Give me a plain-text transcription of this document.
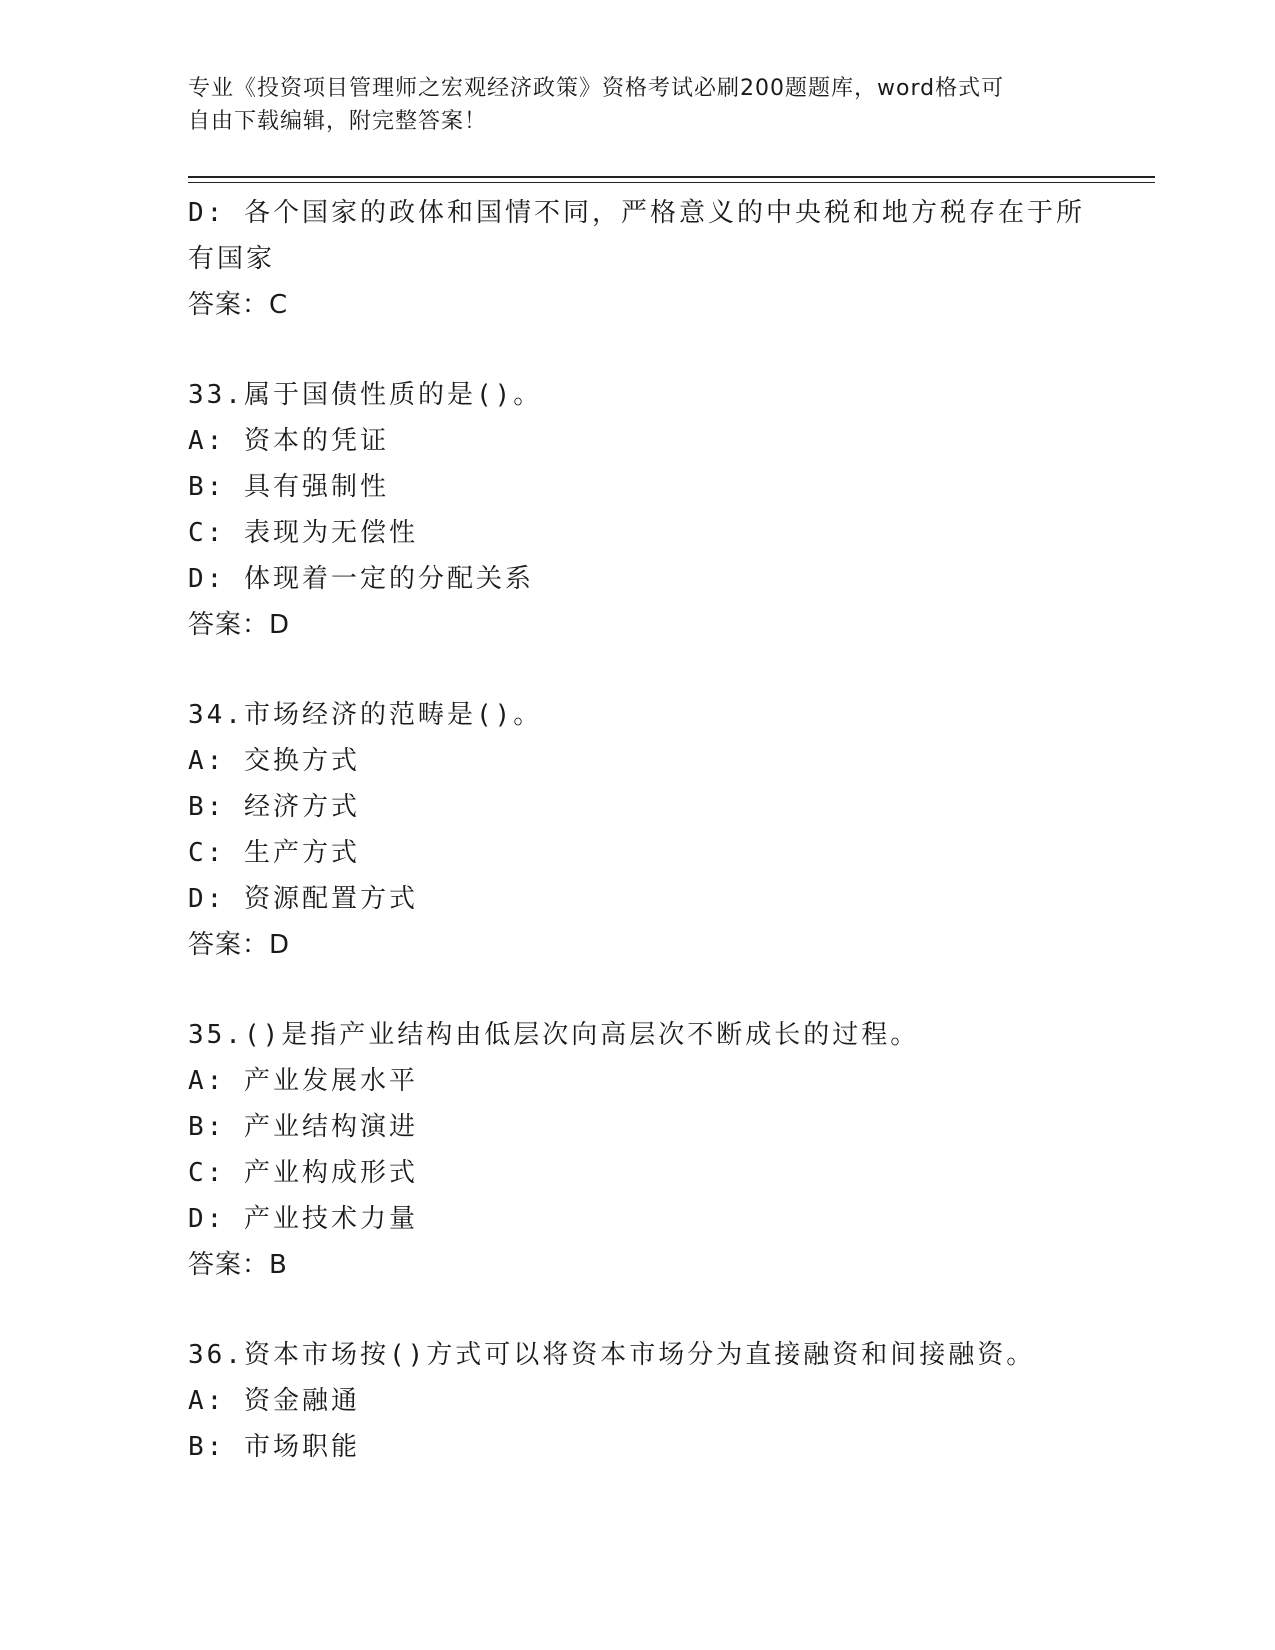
专业《投资项目管理师之宏观经济政策》资格考试必刷200题题库，word格式可
自由下载编辑，附完整答案！
D: 各个国家的政体和国情不同，严格意义的中央税和地方税存在于所
有国家
答案：C
33.属于国债性质的是()。
A: 资本的凭证
B: 具有强制性
C: 表现为无偿性
D: 体现着一定的分配关系
答案：D
34.市场经济的范畴是()。
A: 交换方式
B: 经济方式
C: 生产方式
D: 资源配置方式
答案：D
35.()是指产业结构由低层次向高层次不断成长的过程。
A: 产业发展水平
B: 产业结构演进
C: 产业构成形式
D: 产业技术力量
答案：B
36.资本市场按()方式可以将资本市场分为直接融资和间接融资。
A: 资金融通
B: 市场职能
